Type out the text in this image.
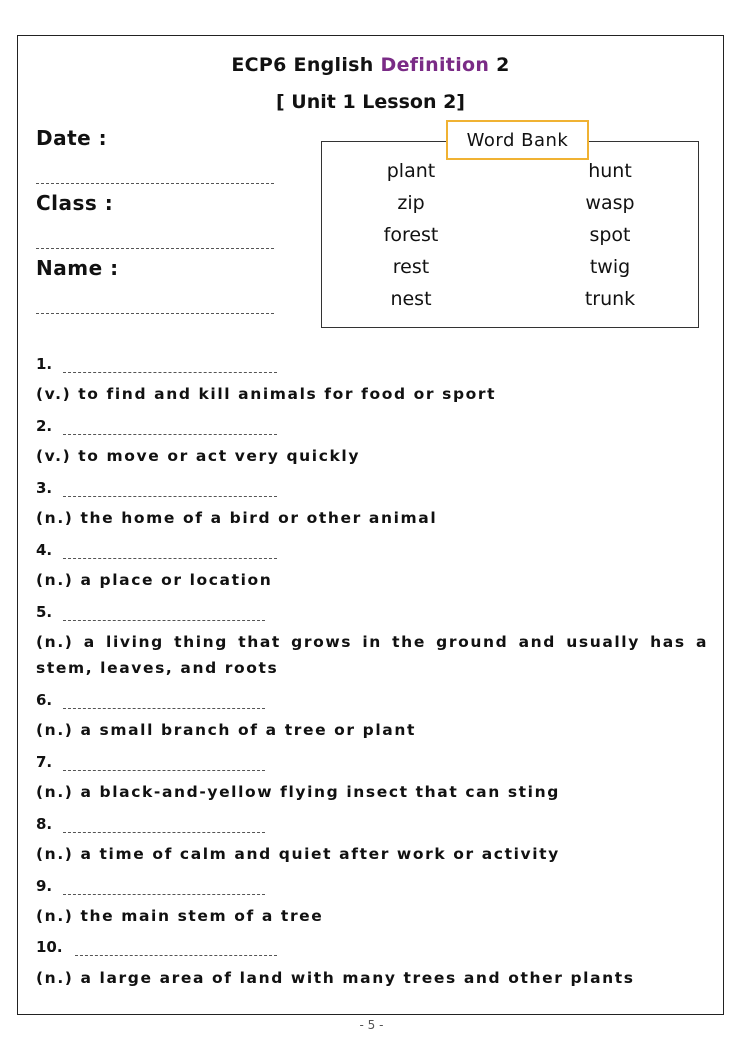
ECP6 English Definition 2
[ Unit 1 Lesson 2]
Date :
Class :
Name :
Word Bank
plant
zip
forest
rest
nest
hunt
wasp
spot
twig
trunk
1.
(v.) to find and kill animals for food or sport
2.
(v.) to move or act very quickly
3.
(n.) the home of a bird or other animal
4.
(n.) a place or location
5.
(n.) a living thing that grows in the ground and usually has a stem, leaves, and roots
6.
(n.) a small branch of a tree or plant
7.
(n.) a black-and-yellow flying insect that can sting
8.
(n.) a time of calm and quiet after work or activity
9.
(n.) the main stem of a tree
10.
(n.) a large area of land with many trees and other plants
- 5 -
